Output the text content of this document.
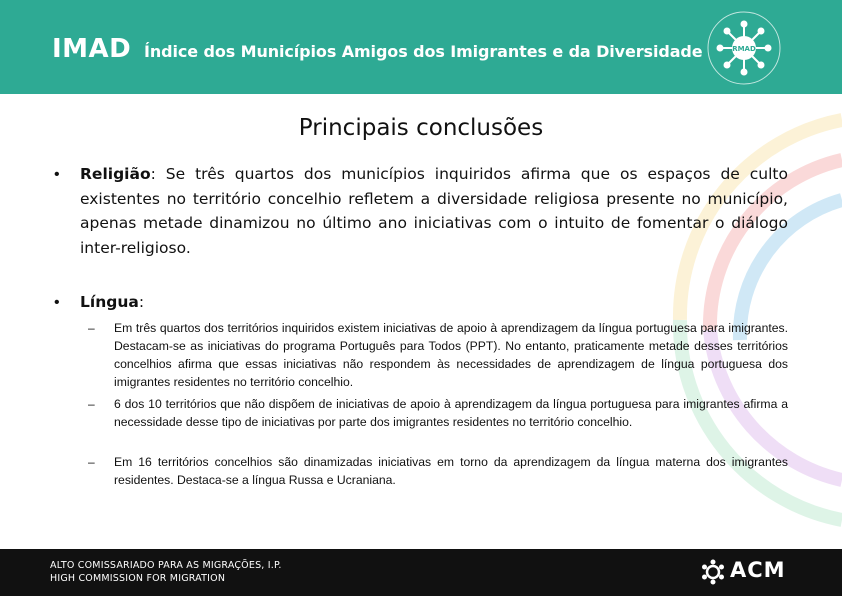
IMAD Índice dos Municípios Amigos dos Imigrantes e da Diversidade	RMAD
Principais conclusões
• Religião: Se três quartos dos municípios inquiridos afirma que os espaços de culto existentes no território concelhio refletem a diversidade religiosa presente no município, apenas metade dinamizou no último ano iniciativas com o intuito de fomentar o diálogo inter-religioso.
• Língua:
– Em três quartos dos territórios inquiridos existem iniciativas de apoio à aprendizagem da língua portuguesa para imigrantes. Destacam-se as iniciativas do programa Português para Todos (PPT). No entanto, praticamente metade desses territórios concelhios afirma que essas iniciativas não respondem às necessidades de aprendizagem de língua portuguesa dos imigrantes residentes no território concelhio.
– 6 dos 10 territórios que não dispõem de iniciativas de apoio à aprendizagem da língua portuguesa para imigrantes afirma a necessidade desse tipo de iniciativas por parte dos imigrantes residentes no território concelhio.
– Em 16 territórios concelhios são dinamizadas iniciativas em torno da aprendizagem da língua materna dos imigrantes residentes. Destaca-se a língua Russa e Ucraniana.
ALTO COMISSARIADO PARA AS MIGRAÇÕES, I.P.
HIGH COMMISSION FOR MIGRATION	ACM
